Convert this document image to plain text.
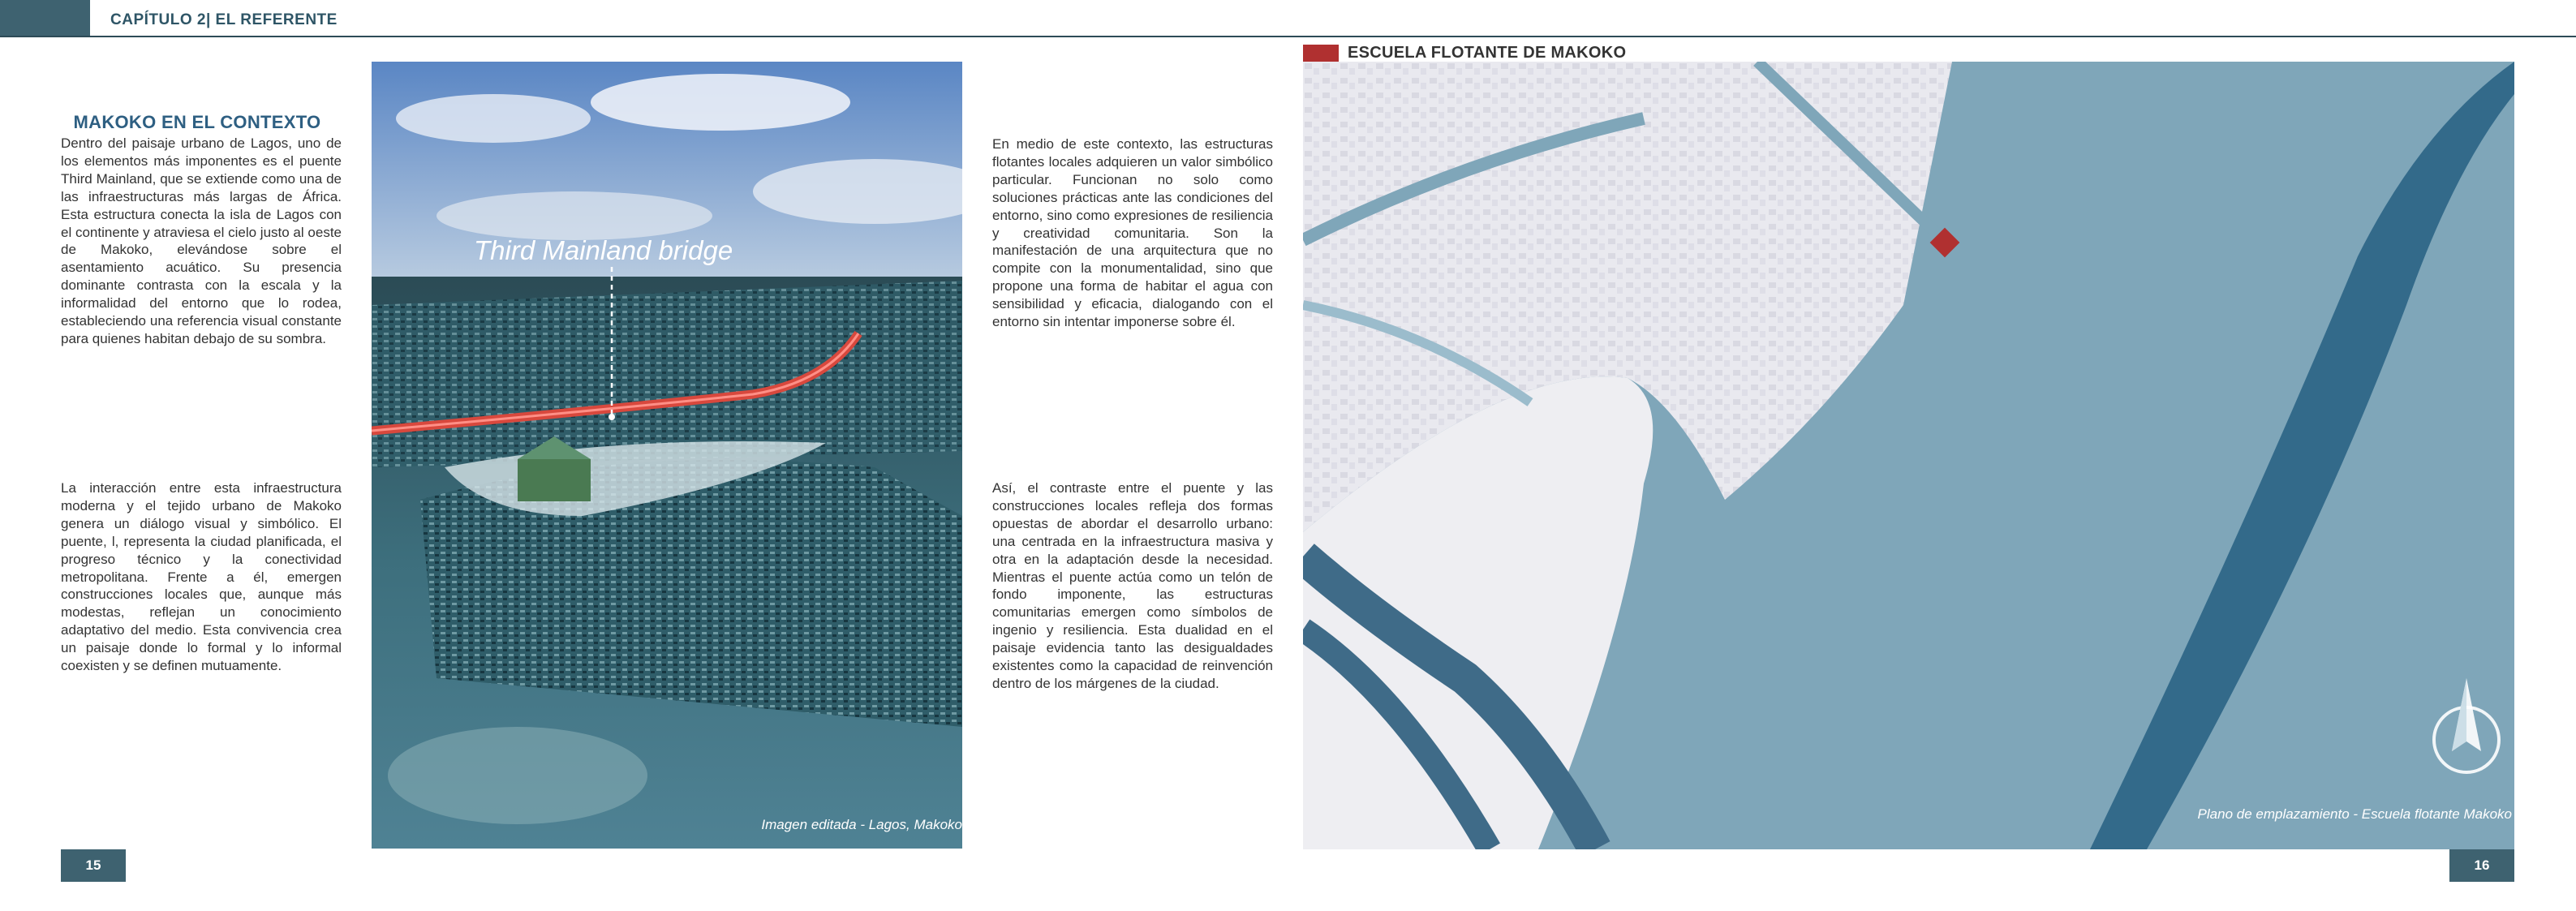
CAPÍTULO 2| EL REFERENTE
MAKOKO EN EL CONTEXTO
Dentro del paisaje urbano de Lagos, uno de los elementos más imponentes es el puente Third Mainland, que se extiende como una de las infraestructuras más largas de África. Esta estructura conecta la isla de Lagos con el continente y atraviesa el cielo justo al oeste de Makoko, elevándose sobre el asentamiento acuático. Su presencia dominante contrasta con la escala y la informalidad del entorno que lo rodea, estableciendo una referencia visual constante para quienes habitan debajo de su sombra.
La interacción entre esta infraestructura moderna y el tejido urbano de Makoko genera un diálogo visual y simbólico. El puente, l, representa la ciudad planificada, el progreso técnico y la conectividad metropolitana. Frente a él, emergen construcciones locales que, aunque más modestas, reflejan un conocimiento adaptativo del medio. Esta convivencia crea un paisaje donde lo formal y lo informal coexisten y se definen mutuamente.
Third Mainland bridge
Imagen editada - Lagos, Makoko
En medio de este contexto, las estructuras flotantes locales adquieren un valor simbólico particular. Funcionan no solo como soluciones prácticas ante las condiciones del entorno, sino como expresiones de resiliencia y creatividad comunitaria. Son la manifestación de una arquitectura que no compite con la monumentalidad, sino que propone una forma de habitar el agua con sensibilidad y eficacia, dialogando con el entorno sin intentar imponerse sobre él.
Así, el contraste entre el puente y las construcciones locales refleja dos formas opuestas de abordar el desarrollo urbano: una centrada en la infraestructura masiva y otra en la adaptación desde la necesidad. Mientras el puente actúa como un telón de fondo imponente, las estructuras comunitarias emergen como símbolos de ingenio y resiliencia. Esta dualidad en el paisaje evidencia tanto las desigualdades existentes como la capacidad de reinvención dentro de los márgenes de la ciudad.
ESCUELA FLOTANTE DE MAKOKO
Plano de emplazamiento - Escuela flotante Makoko
15	16
